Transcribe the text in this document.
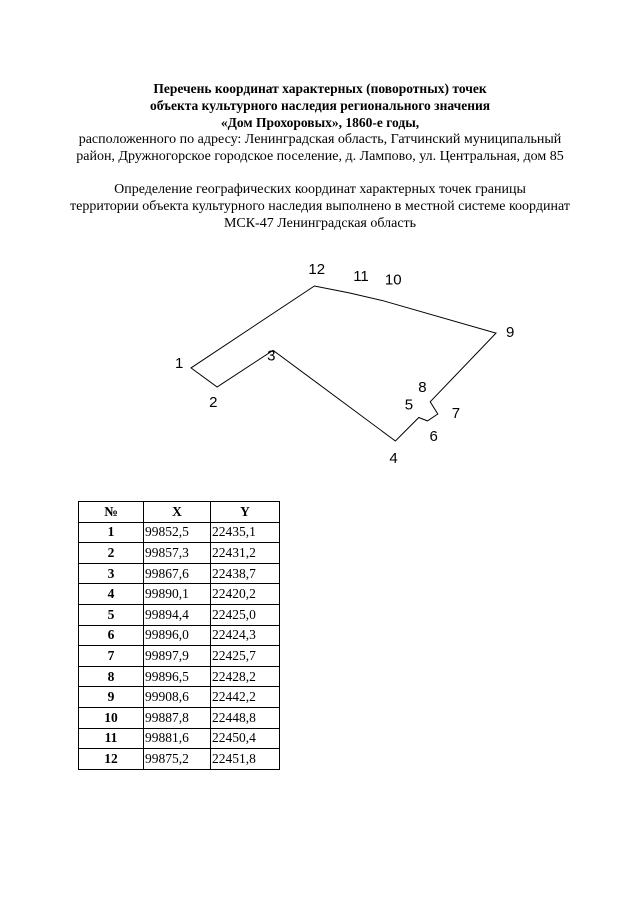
Перечень координат характерных (поворотных) точек
объекта культурного наследия регионального значения
«Дом Прохоровых», 1860-е годы,
расположенного по адресу: Ленинградская область, Гатчинский муниципальный
район, Дружногорское городское поселение, д. Лампово, ул. Центральная, дом 85
Определение географических координат характерных точек границы
территории объекта культурного наследия выполнено в местной системе координат
МСК-47 Ленинградская область
1
2
3
4
5
6
7
8
9
10
11
12
№	X	Y
1	99852,5	22435,1
2	99857,3	22431,2
3	99867,6	22438,7
4	99890,1	22420,2
5	99894,4	22425,0
6	99896,0	22424,3
7	99897,9	22425,7
8	99896,5	22428,2
9	99908,6	22442,2
10	99887,8	22448,8
11	99881,6	22450,4
12	99875,2	22451,8
